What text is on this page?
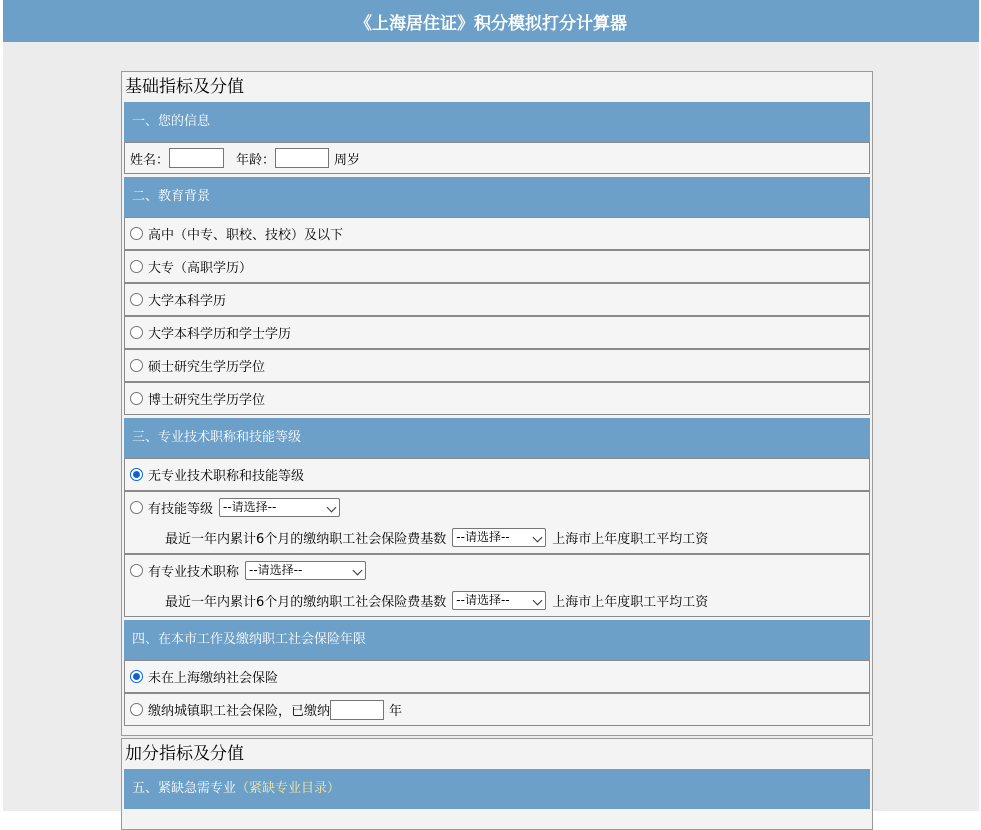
《上海居住证》积分模拟打分计算器
基础指标及分值
一、您的信息
姓名：	年龄：	周岁
二、教育背景
高中（中专、职校、技校）及以下
大专（高职学历）
大学本科学历
大学本科学历和学士学历
硕士研究生学历学位
博士研究生学历学位
三、专业技术职称和技能等级
无专业技术职称和技能等级
有技能等级 --请选择--
最近一年内累计6个月的缴纳职工社会保险费基数 --请选择--	上海市上年度职工平均工资
有专业技术职称 --请选择--
最近一年内累计6个月的缴纳职工社会保险费基数 --请选择--	上海市上年度职工平均工资
四、在本市工作及缴纳职工社会保险年限
未在上海缴纳社会保险
缴纳城镇职工社会保险，已缴纳	年
加分指标及分值
五、紧缺急需专业（紧缺专业目录）
